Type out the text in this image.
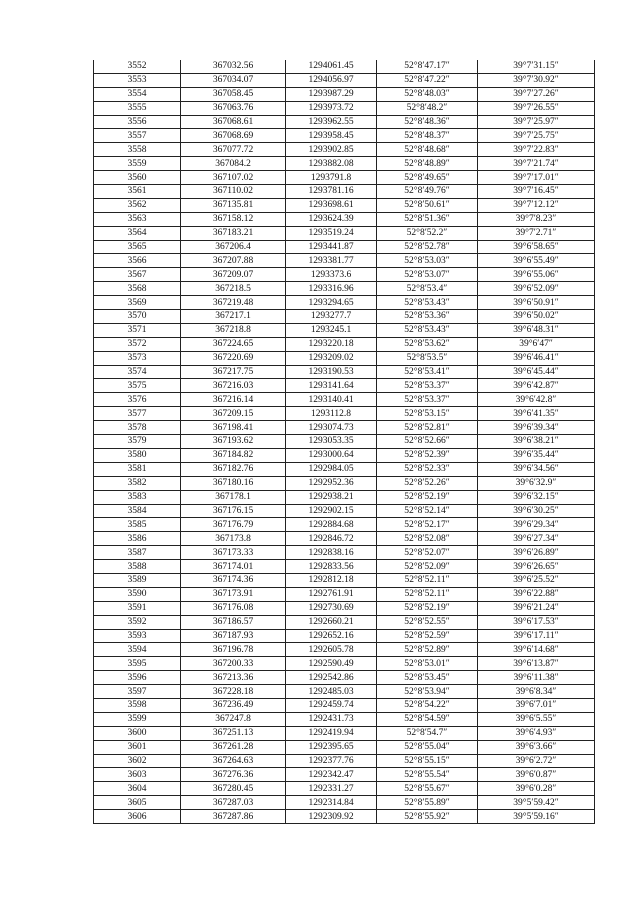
3552	367032.56	1294061.45	52°8′47.17″	39°7′31.15″
3553	367034.07	1294056.97	52°8′47.22″	39°7′30.92″
3554	367058.45	1293987.29	52°8′48.03″	39°7′27.26″
3555	367063.76	1293973.72	52°8′48.2″	39°7′26.55″
3556	367068.61	1293962.55	52°8′48.36″	39°7′25.97″
3557	367068.69	1293958.45	52°8′48.37″	39°7′25.75″
3558	367077.72	1293902.85	52°8′48.68″	39°7′22.83″
3559	367084.2	1293882.08	52°8′48.89″	39°7′21.74″
3560	367107.02	1293791.8	52°8′49.65″	39°7′17.01″
3561	367110.02	1293781.16	52°8′49.76″	39°7′16.45″
3562	367135.81	1293698.61	52°8′50.61″	39°7′12.12″
3563	367158.12	1293624.39	52°8′51.36″	39°7′8.23″
3564	367183.21	1293519.24	52°8′52.2″	39°7′2.71″
3565	367206.4	1293441.87	52°8′52.78″	39°6′58.65″
3566	367207.88	1293381.77	52°8′53.03″	39°6′55.49″
3567	367209.07	1293373.6	52°8′53.07″	39°6′55.06″
3568	367218.5	1293316.96	52°8′53.4″	39°6′52.09″
3569	367219.48	1293294.65	52°8′53.43″	39°6′50.91″
3570	367217.1	1293277.7	52°8′53.36″	39°6′50.02″
3571	367218.8	1293245.1	52°8′53.43″	39°6′48.31″
3572	367224.65	1293220.18	52°8′53.62″	39°6′47″
3573	367220.69	1293209.02	52°8′53.5″	39°6′46.41″
3574	367217.75	1293190.53	52°8′53.41″	39°6′45.44″
3575	367216.03	1293141.64	52°8′53.37″	39°6′42.87″
3576	367216.14	1293140.41	52°8′53.37″	39°6′42.8″
3577	367209.15	1293112.8	52°8′53.15″	39°6′41.35″
3578	367198.41	1293074.73	52°8′52.81″	39°6′39.34″
3579	367193.62	1293053.35	52°8′52.66″	39°6′38.21″
3580	367184.82	1293000.64	52°8′52.39″	39°6′35.44″
3581	367182.76	1292984.05	52°8′52.33″	39°6′34.56″
3582	367180.16	1292952.36	52°8′52.26″	39°6′32.9″
3583	367178.1	1292938.21	52°8′52.19″	39°6′32.15″
3584	367176.15	1292902.15	52°8′52.14″	39°6′30.25″
3585	367176.79	1292884.68	52°8′52.17″	39°6′29.34″
3586	367173.8	1292846.72	52°8′52.08″	39°6′27.34″
3587	367173.33	1292838.16	52°8′52.07″	39°6′26.89″
3588	367174.01	1292833.56	52°8′52.09″	39°6′26.65″
3589	367174.36	1292812.18	52°8′52.11″	39°6′25.52″
3590	367173.91	1292761.91	52°8′52.11″	39°6′22.88″
3591	367176.08	1292730.69	52°8′52.19″	39°6′21.24″
3592	367186.57	1292660.21	52°8′52.55″	39°6′17.53″
3593	367187.93	1292652.16	52°8′52.59″	39°6′17.11″
3594	367196.78	1292605.78	52°8′52.89″	39°6′14.68″
3595	367200.33	1292590.49	52°8′53.01″	39°6′13.87″
3596	367213.36	1292542.86	52°8′53.45″	39°6′11.38″
3597	367228.18	1292485.03	52°8′53.94″	39°6′8.34″
3598	367236.49	1292459.74	52°8′54.22″	39°6′7.01″
3599	367247.8	1292431.73	52°8′54.59″	39°6′5.55″
3600	367251.13	1292419.94	52°8′54.7″	39°6′4.93″
3601	367261.28	1292395.65	52°8′55.04″	39°6′3.66″
3602	367264.63	1292377.76	52°8′55.15″	39°6′2.72″
3603	367276.36	1292342.47	52°8′55.54″	39°6′0.87″
3604	367280.45	1292331.27	52°8′55.67″	39°6′0.28″
3605	367287.03	1292314.84	52°8′55.89″	39°5′59.42″
3606	367287.86	1292309.92	52°8′55.92″	39°5′59.16″
